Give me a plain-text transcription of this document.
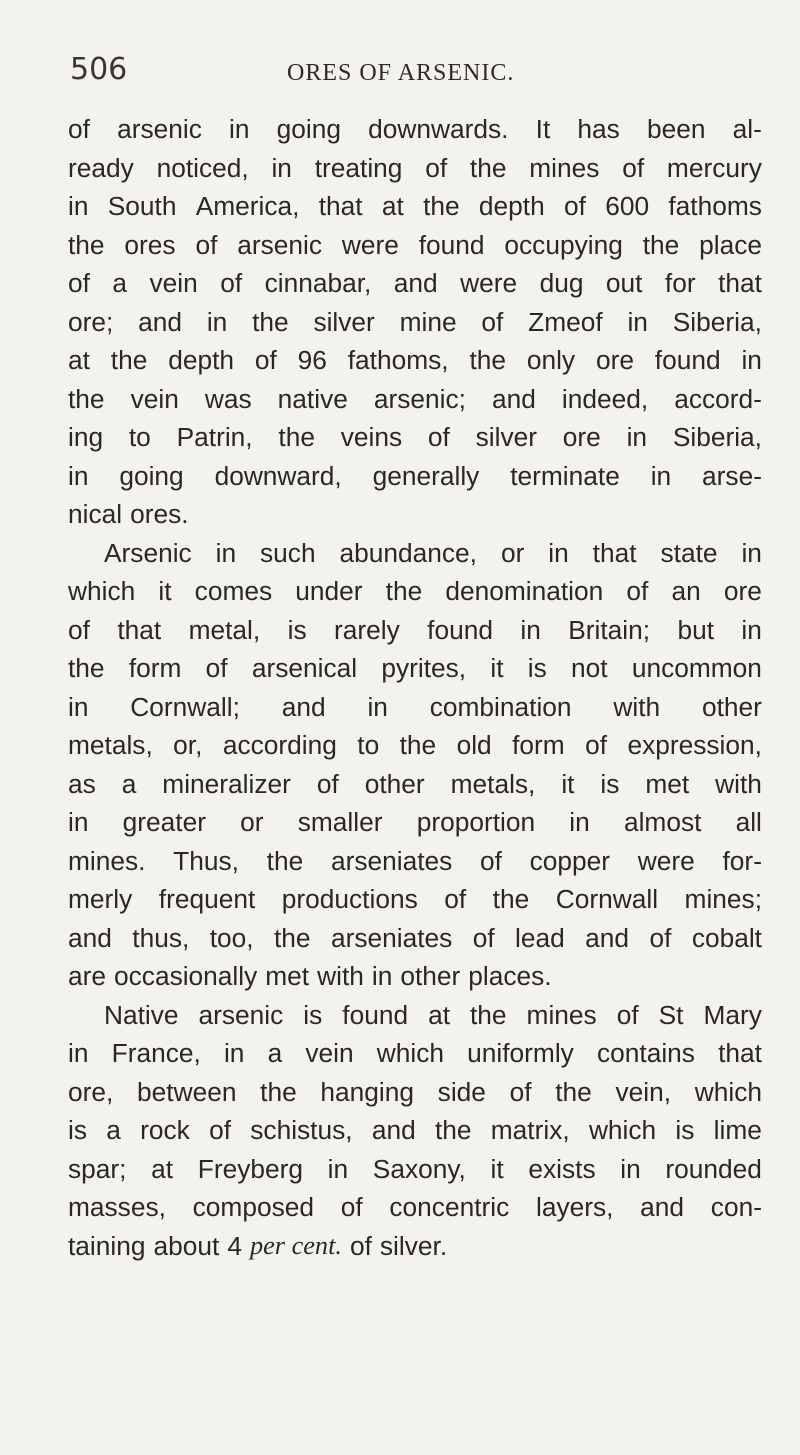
506	ORES OF ARSENIC.
of arsenic in going downwards. It has been al-
ready noticed, in treating of the mines of mercury
in South America, that at the depth of 600 fathoms
the ores of arsenic were found occupying the place
of a vein of cinnabar, and were dug out for that
ore; and in the silver mine of Zmeof in Siberia,
at the depth of 96 fathoms, the only ore found in
the vein was native arsenic; and indeed, accord-
ing to Patrin, the veins of silver ore in Siberia,
in going downward, generally terminate in arse-
nical ores.
Arsenic in such abundance, or in that state in
which it comes under the denomination of an ore
of that metal, is rarely found in Britain; but in
the form of arsenical pyrites, it is not uncommon
in Cornwall; and in combination with other
metals, or, according to the old form of expression,
as a mineralizer of other metals, it is met with
in greater or smaller proportion in almost all
mines. Thus, the arseniates of copper were for-
merly frequent productions of the Cornwall mines;
and thus, too, the arseniates of lead and of cobalt
are occasionally met with in other places.
Native arsenic is found at the mines of St Mary
in France, in a vein which uniformly contains that
ore, between the hanging side of the vein, which
is a rock of schistus, and the matrix, which is lime
spar; at Freyberg in Saxony, it exists in rounded
masses, composed of concentric layers, and con-
taining about 4 per cent. of silver.
